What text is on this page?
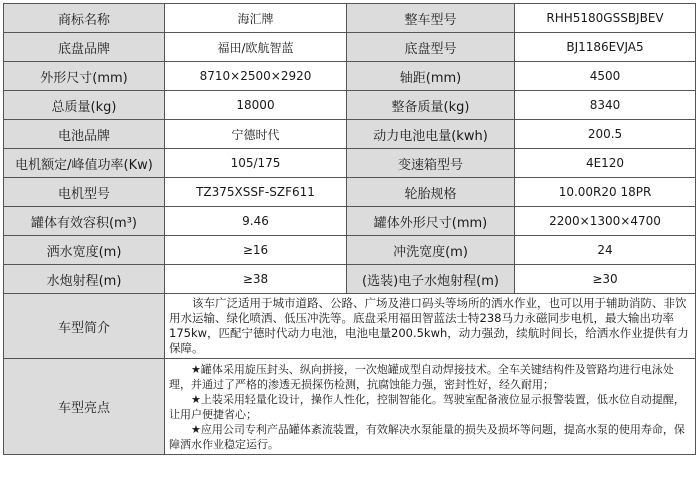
商标名称	海汇牌	整车型号	RHH5180GSSBJBEV
底盘品牌	福田/欧航智蓝	底盘型号	BJ1186EVJA5
外形尺寸(mm)	8710×2500×2920	轴距(mm)	4500
总质量(kg)	18000	整备质量(kg)	8340
电池品牌	宁德时代	动力电池电量(kwh)	200.5
电机额定/峰值功率(Kw)	105/175	变速箱型号	4E120
电机型号	TZ375XSSF-SZF611	轮胎规格	10.00R20 18PR
罐体有效容积(m³)	9.46	罐体外形尺寸(mm)	2200×1300×4700
洒水宽度(m)	≥16	冲洗宽度(m)	24
水炮射程(m)	≥38	(选装)电子水炮射程(m)	≥30
车型简介	该车广泛适用于城市道路、公路、广场及港口码头等场所的洒水作业，也可以用于辅助消防、非饮用水运输、绿化喷洒、低压冲洗等。底盘采用福田智蓝法士特238马力永磁同步电机，最大输出功率175kw，匹配宁德时代动力电池，电池电量200.5kwh，动力强劲，续航时间长，给洒水作业提供有力保障。		

车型亮点	★罐体采用旋压封头、纵向拼接，一次炮罐成型自动焊接技术。全车关键结构件及管路均进行电泳处理，并通过了严格的渗透无损探伤检测，抗腐蚀能力强，密封性好，经久耐用；

★上装采用轻量化设计，操作人性化，控制智能化。驾驶室配备液位显示报警装置，低水位自动提醒，让用户便捷省心；

★应用公司专利产品罐体紊流装置，有效解决水泵能量的损失及损坏等问题，提高水泵的使用寿命，保障洒水作业稳定运行。		
